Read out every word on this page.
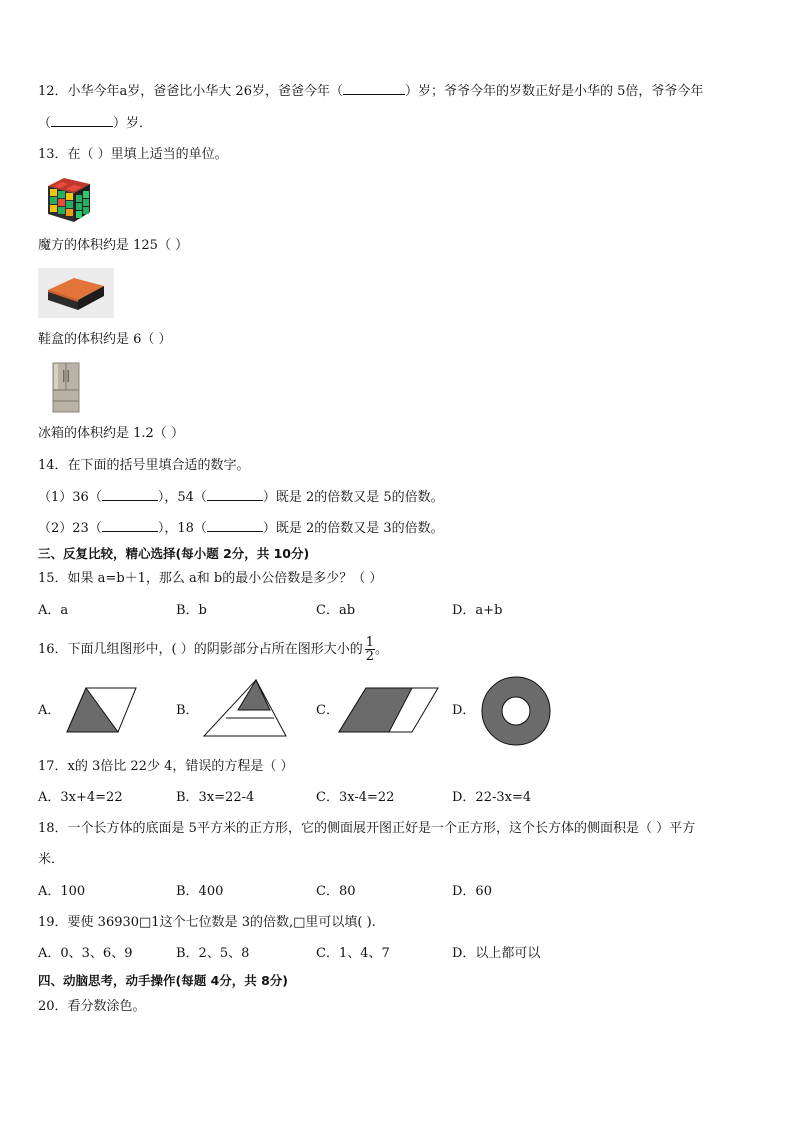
12．小华今年a岁，爸爸比小华大 26岁，爸爸今年（	）岁；爷爷今年的岁数正好是小华的 5倍，爷爷今年
（	）岁．
13．在（ ）里填上适当的单位。
魔方的体积约是 125（ ）
鞋盒的体积约是 6（ ）
冰箱的体积约是 1.2（ ）
14．在下面的括号里填合适的数字。
（1）36（	），54（	）既是 2的倍数又是 5的倍数。
（2）23（	），18（	）既是 2的倍数又是 3的倍数。
三、反复比较，精心选择(每小题 2分，共 10分)
15．如果 a=b＋1，那么 a和 b的最小公倍数是多少？（ ）
A．a	B．b	C．ab	D．a+b
16．下面几组图形中，( ）的阴影部分占所在图形大小的 $\frac{1}{2}$ 。
A．	B．	C．	D．
17．x的 3倍比 22少 4，错误的方程是（ ）
A．3x+4=22	B．3x=22-4	C．3x-4=22	D．22-3x=4
18．一个长方体的底面是 5平方米的正方形，它的侧面展开图正好是一个正方形，这个长方体的侧面积是（ ）平方
米．
A．100	B．400	C．80	D．60
19．要使 36930□1这个七位数是 3的倍数,□里可以填( ).
A．0、3、6、9	B．2、5、8	C．1、4、7	D．以上都可以
四、动脑思考，动手操作(每题 4分，共 8分)
20．看分数涂色。
